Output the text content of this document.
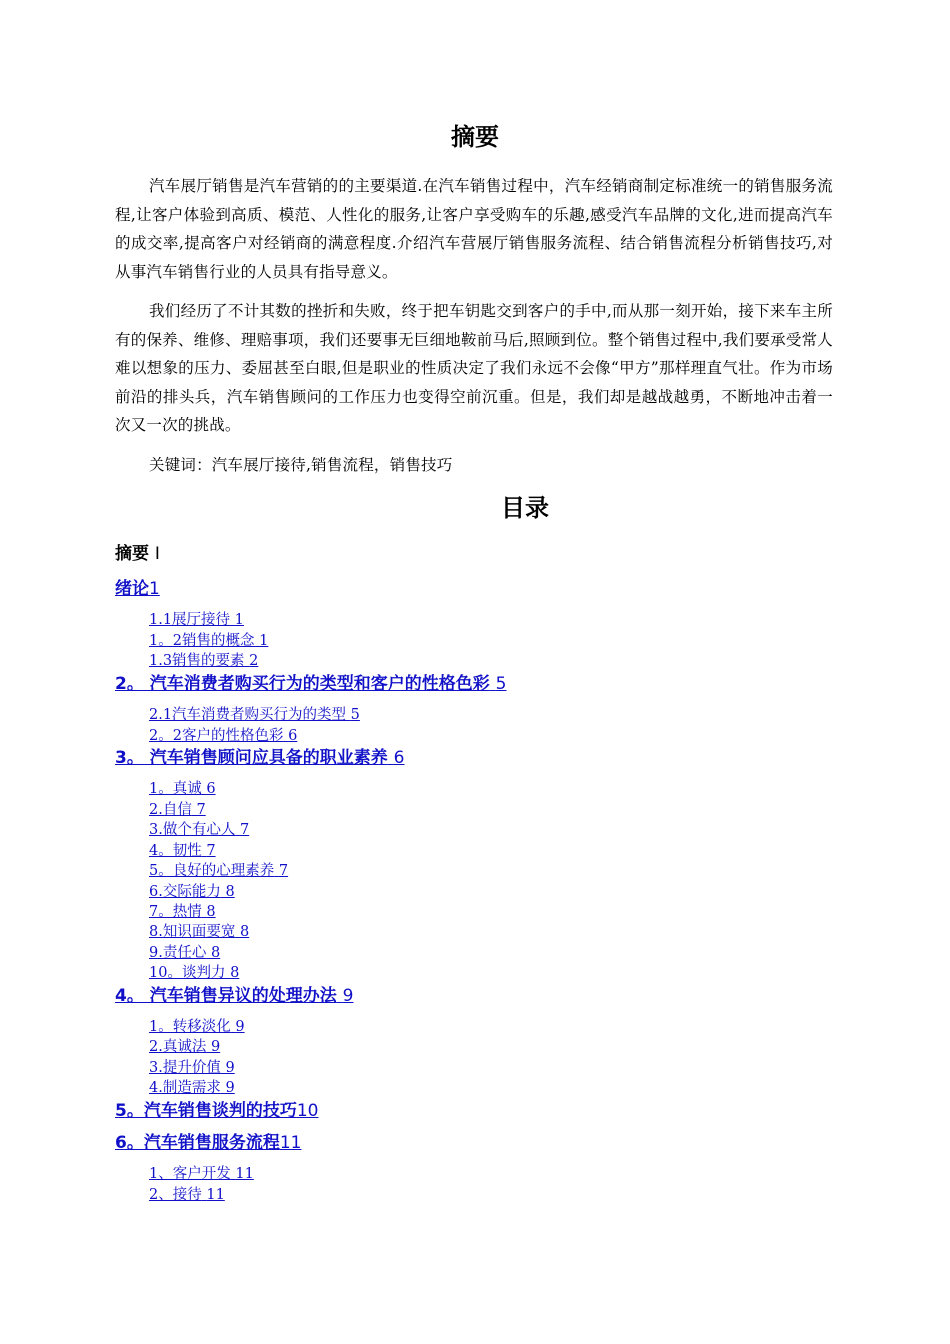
摘要

汽车展厅销售是汽车营销的的主要渠道.在汽车销售过程中，汽车经销商制定标准统一的销售服务流程,让客户体验到高质、模范、人性化的服务,让客户享受购车的乐趣,感受汽车品牌的文化,进而提高汽车的成交率,提高客户对经销商的满意程度.介绍汽车营展厅销售服务流程、结合销售流程分析销售技巧,对从事汽车销售行业的人员具有指导意义。

我们经历了不计其数的挫折和失败，终于把车钥匙交到客户的手中,而从那一刻开始，接下来车主所有的保养、维修、理赔事项，我们还要事无巨细地鞍前马后,照顾到位。整个销售过程中,我们要承受常人难以想象的压力、委屈甚至白眼,但是职业的性质决定了我们永远不会像“甲方”那样理直气壮。作为市场前沿的排头兵，汽车销售顾问的工作压力也变得空前沉重。但是，我们却是越战越勇，不断地冲击着一次又一次的挑战。

关键词：汽车展厅接待,销售流程，销售技巧

目录
摘要 I
绪论1
1.1展厅接待 1
1。2销售的概念 1
1.3销售的要素 2
2。 汽车消费者购买行为的类型和客户的性格色彩 5
2.1汽车消费者购买行为的类型 5
2。2客户的性格色彩 6
3。 汽车销售顾问应具备的职业素养 6
1。真诚 6
2.自信 7
3.做个有心人 7
4。韧性 7
5。良好的心理素养 7
6.交际能力 8
7。热情 8
8.知识面要宽 8
9.责任心 8
10。谈判力 8
4。 汽车销售异议的处理办法 9
1。转移淡化 9
2.真诚法 9
3.提升价值 9
4.制造需求 9
5。汽车销售谈判的技巧10
6。汽车销售服务流程11
1、客户开发 11
2、接待 11
